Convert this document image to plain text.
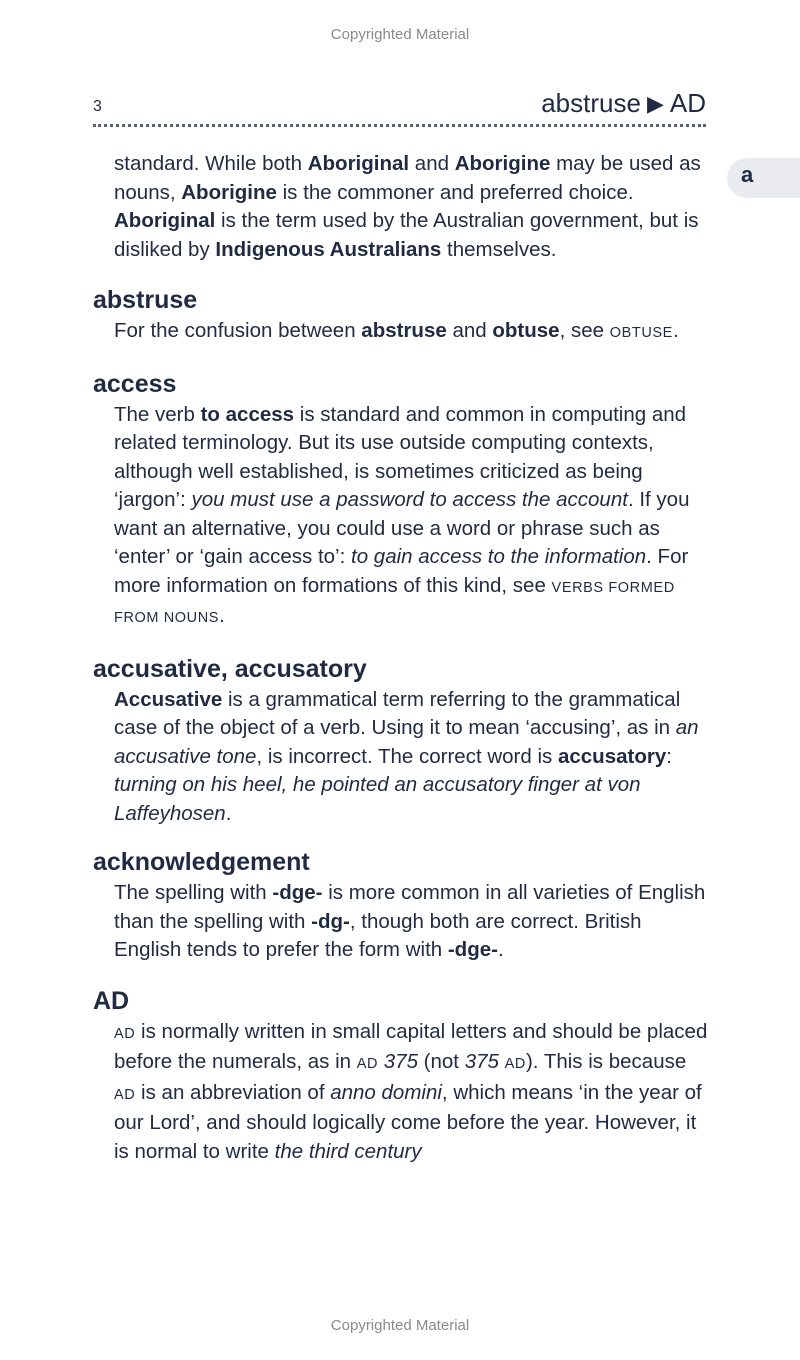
Copyrighted Material
3	abstruse ▶ AD
a

standard. While both Aboriginal and Aborigine may be used as nouns, Aborigine is the commoner and preferred choice. Aboriginal is the term used by the Australian government, but is disliked by Indigenous Australians themselves.

abstruse

For the confusion between abstruse and obtuse, see OBTUSE.

access

The verb to access is standard and common in computing and related terminology. But its use outside computing contexts, although well established, is sometimes criticized as being ‘jargon’: you must use a password to access the account. If you want an alternative, you could use a word or phrase such as ‘enter’ or ‘gain access to’: to gain access to the information. For more information on formations of this kind, see VERBS FORMED FROM NOUNS.

accusative, accusatory

Accusative is a grammatical term referring to the grammatical case of the object of a verb. Using it to mean ‘accusing’, as in an accusative tone, is incorrect. The correct word is accusatory: turning on his heel, he pointed an accusatory finger at von Laffeyhosen.

acknowledgement

The spelling with -dge- is more common in all varieties of English than the spelling with -dg-, though both are correct. British English tends to prefer the form with -dge-.

AD

AD is normally written in small capital letters and should be placed before the numerals, as in AD 375 (not 375 AD). This is because AD is an abbreviation of anno domini, which means ‘in the year of our Lord’, and should logically come before the year. However, it is normal to write the third century

Copyrighted Material
